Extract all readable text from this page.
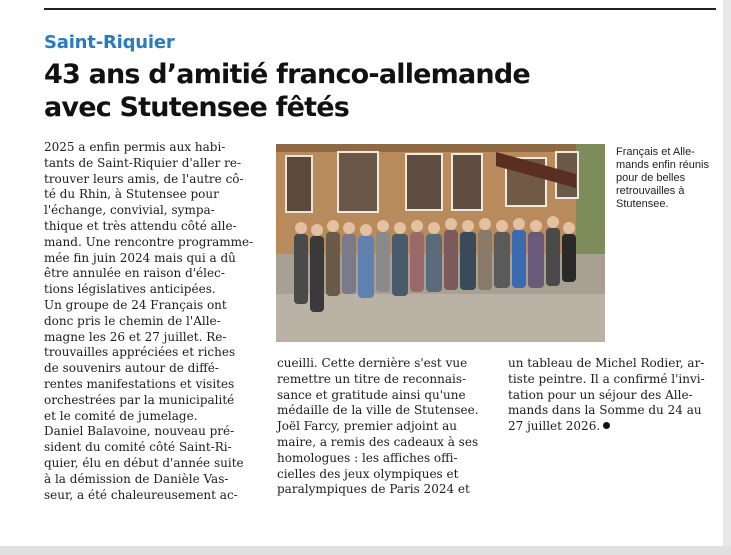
Saint-Riquier
43 ans d’amitié franco-allemande
avec Stutensee fêtés

2025 a enfin permis aux habi-

tants de Saint-Riquier d'aller re-

trouver leurs amis, de l'autre cô-

té du Rhin, à Stutensee pour

l'échange, convivial, sympa-

thique et très attendu côté alle-

mand. Une rencontre programme-

mée fin juin 2024 mais qui a dû

être annulée en raison d'élec-

tions législatives anticipées.

Un groupe de 24 Français ont

donc pris le chemin de l'Alle-

magne les 26 et 27 juillet. Re-

trouvailles appréciées et riches

de souvenirs autour de diffé-

rentes manifestations et visites

orchestrées par la municipalité

et le comité de jumelage.

Daniel Balavoine, nouveau pré-

sident du comité côté Saint-Ri-

quier, élu en début d'année suite

à la démission de Danièle Vas-

seur, a été chaleureusement ac-

Français et Alle-

mands enfin réunis

pour de belles

retrouvailles à

Stutensee.

cueilli. Cette dernière s'est vue

remettre un titre de reconnais-

sance et gratitude ainsi qu'une

médaille de la ville de Stutensee.

Joël Farcy, premier adjoint au

maire, a remis des cadeaux à ses

homologues : les affiches offi-

cielles des jeux olympiques et

paralympiques de Paris 2024 et

un tableau de Michel Rodier, ar-

tiste peintre. Il a confirmé l'invi-

tation pour un séjour des Alle-

mands dans la Somme du 24 au

27 juillet 2026.
